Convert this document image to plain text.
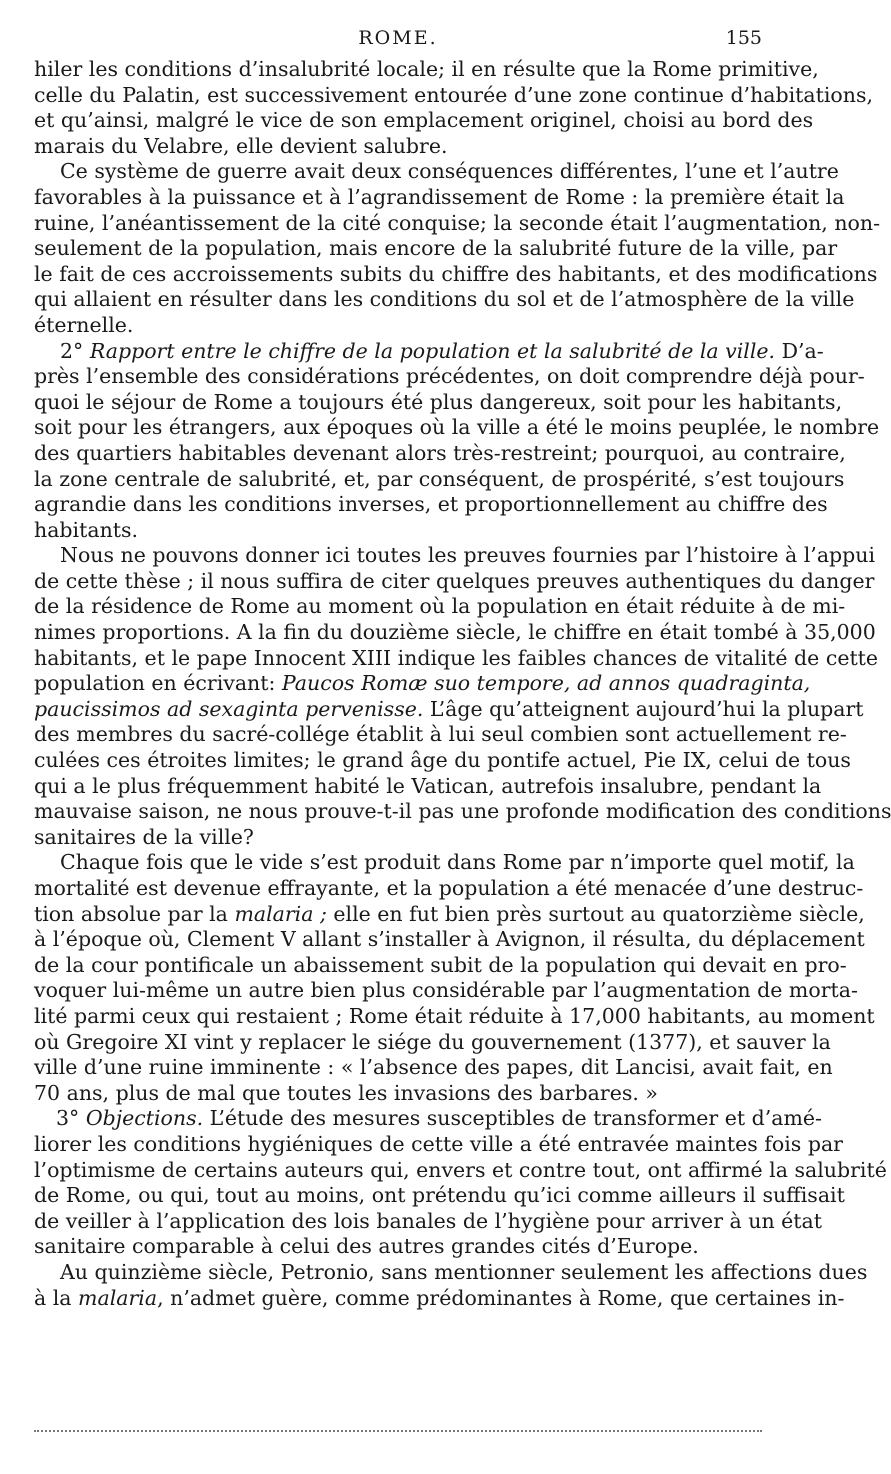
ROME.	155
hiler les conditions d’insalubrité locale; il en résulte que la Rome primitive,
celle du Palatin, est successivement entourée d’une zone continue d’habitations,
et qu’ainsi, malgré le vice de son emplacement originel, choisi au bord des
marais du Velabre, elle devient salubre.
Ce système de guerre avait deux conséquences différentes, l’une et l’autre
favorables à la puissance et à l’agrandissement de Rome : la première était la
ruine, l’anéantissement de la cité conquise; la seconde était l’augmentation, non-
seulement de la population, mais encore de la salubrité future de la ville, par
le fait de ces accroissements subits du chiffre des habitants, et des modifications
qui allaient en résulter dans les conditions du sol et de l’atmosphère de la ville
éternelle.
2° Rapport entre le chiffre de la population et la salubrité de la ville. D’a-
près l’ensemble des considérations précédentes, on doit comprendre déjà pour-
quoi le séjour de Rome a toujours été plus dangereux, soit pour les habitants,
soit pour les étrangers, aux époques où la ville a été le moins peuplée, le nombre
des quartiers habitables devenant alors très-restreint; pourquoi, au contraire,
la zone centrale de salubrité, et, par conséquent, de prospérité, s’est toujours
agrandie dans les conditions inverses, et proportionnellement au chiffre des
habitants.
Nous ne pouvons donner ici toutes les preuves fournies par l’histoire à l’appui
de cette thèse ; il nous suffira de citer quelques preuves authentiques du danger
de la résidence de Rome au moment où la population en était réduite à de mi-
nimes proportions. A la fin du douzième siècle, le chiffre en était tombé à 35,000
habitants, et le pape Innocent XIII indique les faibles chances de vitalité de cette
population en écrivant: Paucos Romæ suo tempore, ad annos quadraginta,
paucissimos ad sexaginta pervenisse. L’âge qu’atteignent aujourd’hui la plupart
des membres du sacré-collége établit à lui seul combien sont actuellement re-
culées ces étroites limites; le grand âge du pontife actuel, Pie IX, celui de tous
qui a le plus fréquemment habité le Vatican, autrefois insalubre, pendant la
mauvaise saison, ne nous prouve-t-il pas une profonde modification des conditions
sanitaires de la ville?
Chaque fois que le vide s’est produit dans Rome par n’importe quel motif, la
mortalité est devenue effrayante, et la population a été menacée d’une destruc-
tion absolue par la malaria ; elle en fut bien près surtout au quatorzième siècle,
à l’époque où, Clement V allant s’installer à Avignon, il résulta, du déplacement
de la cour pontificale un abaissement subit de la population qui devait en pro-
voquer lui-même un autre bien plus considérable par l’augmentation de morta-
lité parmi ceux qui restaient ; Rome était réduite à 17,000 habitants, au moment
où Gregoire XI vint y replacer le siége du gouvernement (1377), et sauver la
ville d’une ruine imminente : « l’absence des papes, dit Lancisi, avait fait, en
70 ans, plus de mal que toutes les invasions des barbares. »
3° Objections. L’étude des mesures susceptibles de transformer et d’amé-
liorer les conditions hygiéniques de cette ville a été entravée maintes fois par
l’optimisme de certains auteurs qui, envers et contre tout, ont affirmé la salubrité
de Rome, ou qui, tout au moins, ont prétendu qu’ici comme ailleurs il suffisait
de veiller à l’application des lois banales de l’hygiène pour arriver à un état
sanitaire comparable à celui des autres grandes cités d’Europe.
Au quinzième siècle, Petronio, sans mentionner seulement les affections dues
à la malaria, n’admet guère, comme prédominantes à Rome, que certaines in-
